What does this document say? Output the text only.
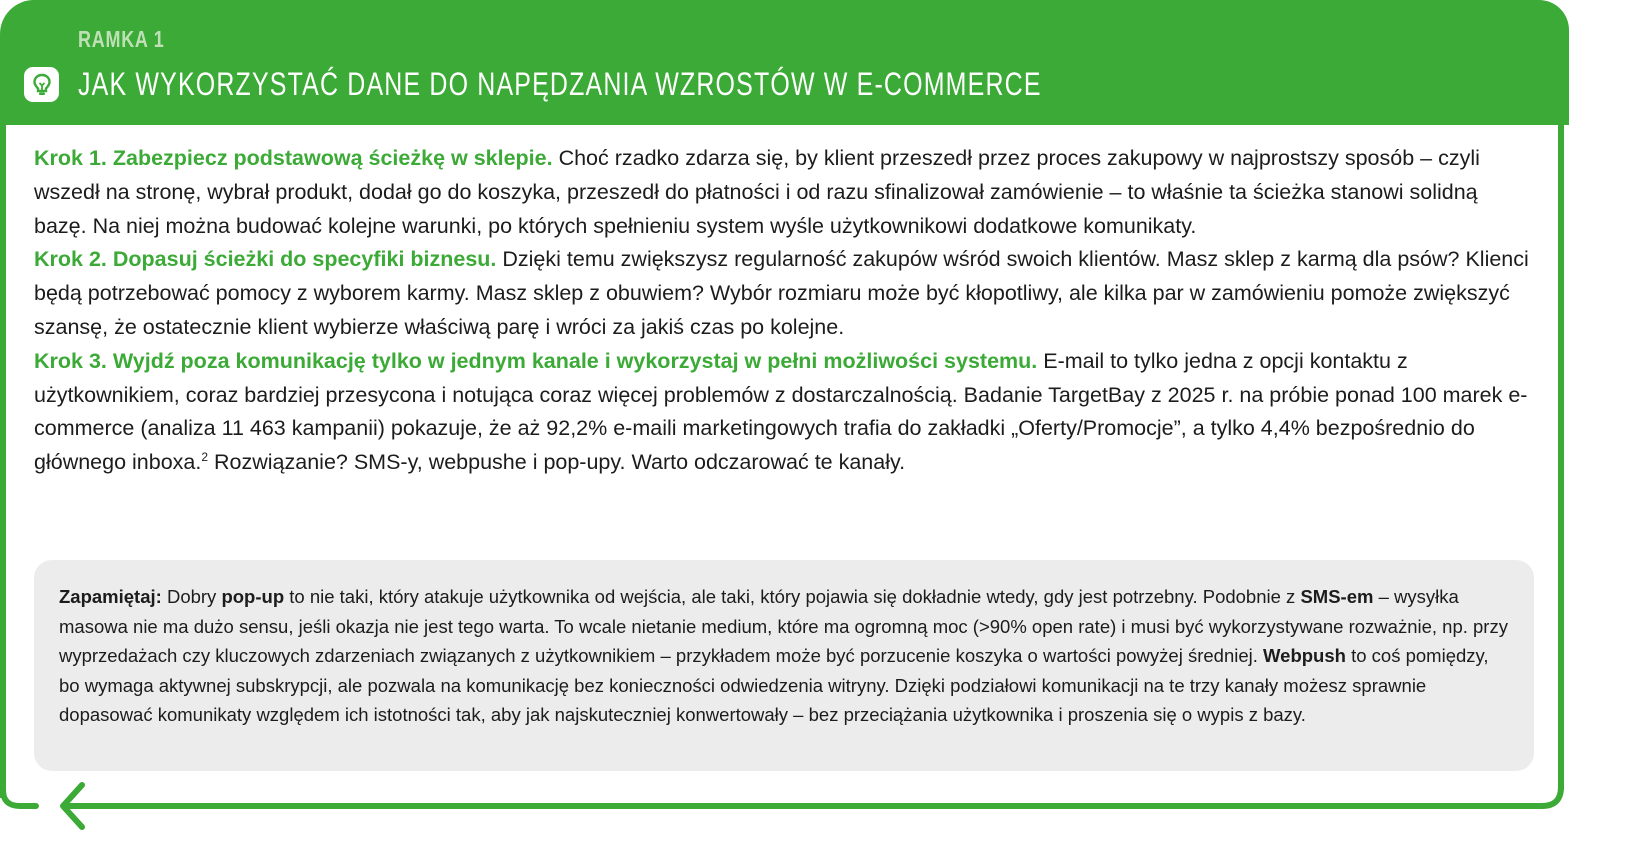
RAMKA 1
JAK WYKORZYSTAĆ DANE DO NAPĘDZANIA WZROSTÓW W E-COMMERCE

Krok 1. Zabezpiecz podstawową ścieżkę w sklepie. Choć rzadko zdarza się, by klient przeszedł przez proces zakupowy w najprostszy sposób – czyli wszedł na stronę, wybrał produkt, dodał go do koszyka, przeszedł do płatności i od razu sfinalizował zamówienie – to właśnie ta ścieżka stanowi solidną bazę. Na niej można budować kolejne warunki, po których spełnieniu system wyśle użytkownikowi dodatkowe komunikaty.

Krok 2. Dopasuj ścieżki do specyfiki biznesu. Dzięki temu zwiększysz regularność zakupów wśród swoich klientów. Masz sklep z karmą dla psów? Klienci będą potrzebować pomocy z wyborem karmy. Masz sklep z obuwiem? Wybór rozmiaru może być kłopotliwy, ale kilka par w zamówieniu pomoże zwiększyć szansę, że ostatecznie klient wybierze właściwą parę i wróci za jakiś czas po kolejne.

Krok 3. Wyjdź poza komunikację tylko w jednym kanale i wykorzystaj w pełni możliwości systemu. E-mail to tylko jedna z opcji kontaktu z użytkownikiem, coraz bardziej przesycona i notująca coraz więcej problemów z dostarczalnością. Badanie TargetBay z 2025 r. na próbie ponad 100 marek e-commerce (analiza 11 463 kampanii) pokazuje, że aż 92,2% e-maili marketingowych trafia do zakładki „Oferty/Promocje”, a tylko 4,4% bezpośrednio do głównego inboxa.$^2$ Rozwiązanie? SMS-y, webpushe i pop-upy. Warto odczarować te kanały.

Zapamiętaj: Dobry pop-up to nie taki, który atakuje użytkownika od wejścia, ale taki, który pojawia się dokładnie wtedy, gdy jest potrzebny. Podobnie z SMS-em – wysyłka masowa nie ma dużo sensu, jeśli okazja nie jest tego warta. To wcale nietanie medium, które ma ogromną moc (>90% open rate) i musi być wykorzystywane rozważnie, np. przy wyprzedażach czy kluczowych zdarzeniach związanych z użytkownikiem – przykładem może być porzucenie koszyka o wartości powyżej średniej. Webpush to coś pomiędzy, bo wymaga aktywnej subskrypcji, ale pozwala na komunikację bez konieczności odwiedzenia witryny. Dzięki podziałowi komunikacji na te trzy kanały możesz sprawnie dopasować komunikaty względem ich istotności tak, aby jak najskuteczniej konwertowały – bez przeciążania użytkownika i proszenia się o wypis z bazy.
